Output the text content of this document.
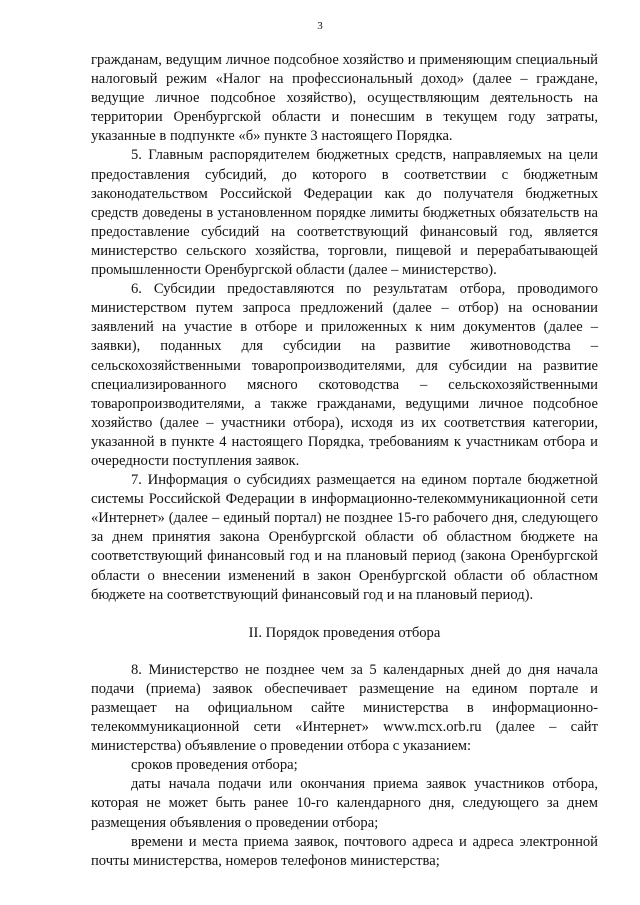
3

гражданам, ведущим личное подсобное хозяйство и применяющим специальный налоговый режим «Налог на профессиональный доход» (далее – граждане, ведущие личное подсобное хозяйство), осуществляющим деятельность на территории Оренбургской области и понесшим в текущем году затраты, указанные в подпункте «б» пункте 3 настоящего Порядка.

5. Главным распорядителем бюджетных средств, направляемых на цели предоставления субсидий, до которого в соответствии с бюджетным законодательством Российской Федерации как до получателя бюджетных средств доведены в установленном порядке лимиты бюджетных обязательств на предоставление субсидий на соответствующий финансовый год, является министерство сельского хозяйства, торговли, пищевой и перерабатывающей промышленности Оренбургской области (далее – министерство).

6. Субсидии предоставляются по результатам отбора, проводимого министерством путем запроса предложений (далее – отбор) на основании заявлений на участие в отборе и приложенных к ним документов (далее – заявки), поданных для субсидии на развитие животноводства – сельскохозяйственными товаропроизводителями, для субсидии на развитие специализированного мясного скотоводства – сельскохозяйственными товаропроизводителями, а также гражданами, ведущими личное подсобное хозяйство (далее – участники отбора), исходя из их соответствия категории, указанной в пункте 4 настоящего Порядка, требованиям к участникам отбора и очередности поступления заявок.

7. Информация о субсидиях размещается на едином портале бюджетной системы Российской Федерации в информационно-телекоммуникационной сети «Интернет» (далее – единый портал) не позднее 15-го рабочего дня, следующего за днем принятия закона Оренбургской области об областном бюджете на соответствующий финансовый год и на плановый период (закона Оренбургской области о внесении изменений в закон Оренбургской области об областном бюджете на соответствующий финансовый год и на плановый период).

II. Порядок проведения отбора

8. Министерство не позднее чем за 5 календарных дней до дня начала подачи (приема) заявок обеспечивает размещение на едином портале и размещает на официальном сайте министерства в информационно-телекоммуникационной сети «Интернет» www.mcx.orb.ru (далее – сайт министерства) объявление о проведении отбора с указанием:

сроков проведения отбора;

даты начала подачи или окончания приема заявок участников отбора, которая не может быть ранее 10-го календарного дня, следующего за днем размещения объявления о проведении отбора;

времени и места приема заявок, почтового адреса и адреса электронной почты министерства, номеров телефонов министерства;
